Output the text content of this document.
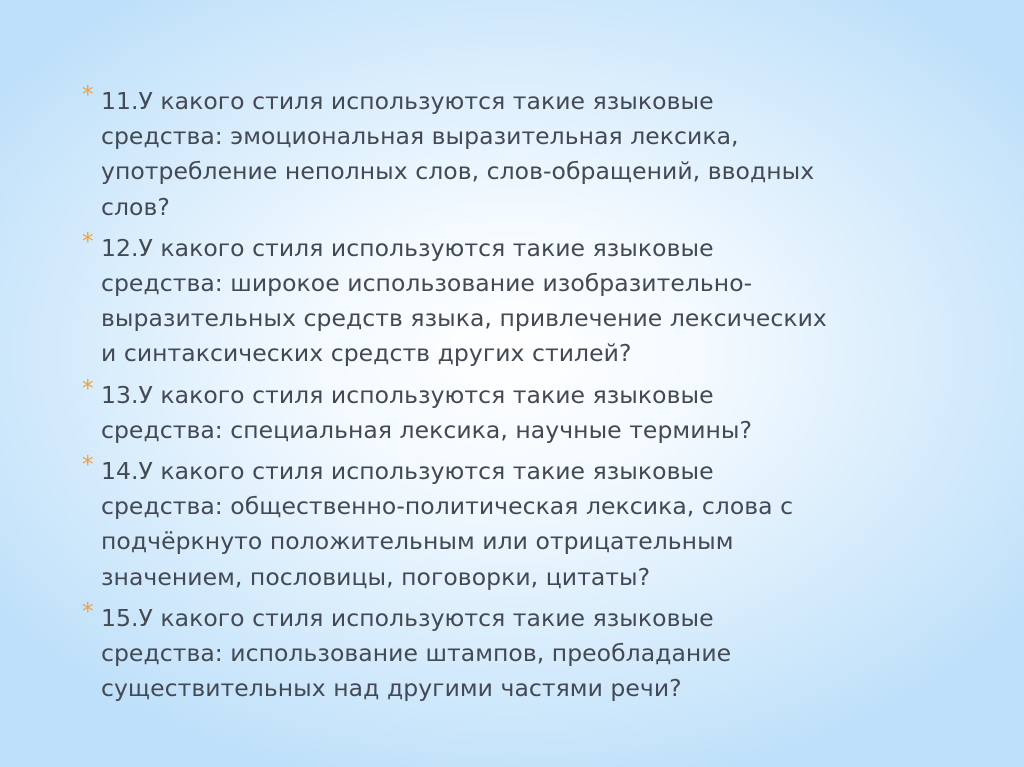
* 11.У какого стиля используются такие языковые
средства: эмоциональная выразительная лексика,
употребление неполных слов, слов-обращений, вводных
слов?
* 12.У какого стиля используются такие языковые
средства: широкое использование изобразительно-
выразительных средств языка, привлечение лексических
и синтаксических средств других стилей?
* 13.У какого стиля используются такие языковые
средства: специальная лексика, научные термины?
* 14.У какого стиля используются такие языковые
средства: общественно-политическая лексика, слова с
подчёркнуто положительным или отрицательным
значением, пословицы, поговорки, цитаты?
* 15.У какого стиля используются такие языковые
средства: использование штампов, преобладание
существительных над другими частями речи?
